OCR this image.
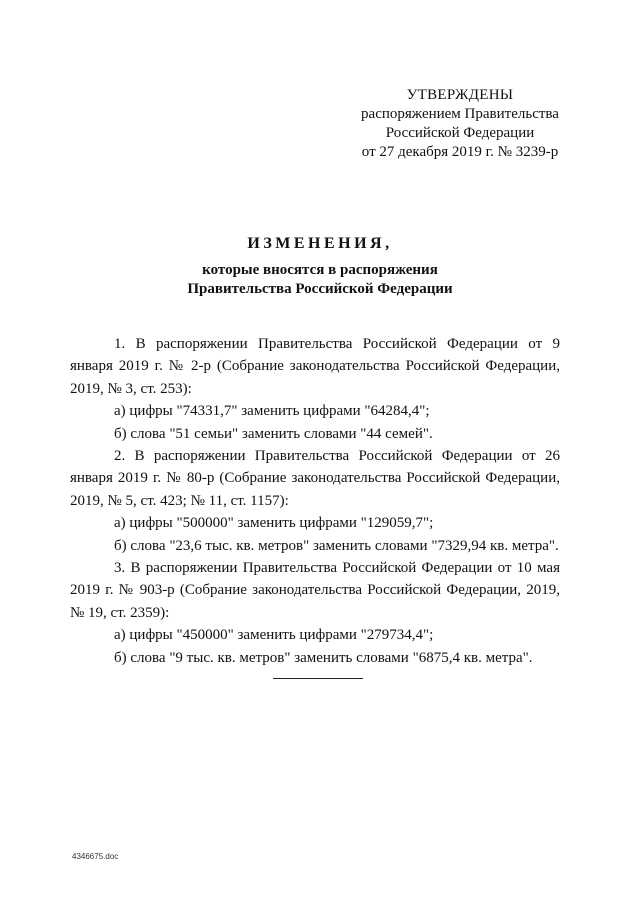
УТВЕРЖДЕНЫ
распоряжением Правительства
Российской Федерации
от 27 декабря 2019 г. № 3239-р
ИЗМЕНЕНИЯ,
которые вносятся в распоряжения
Правительства Российской Федерации

1. В распоряжении Правительства Российской Федерации от 9 января 2019 г. № 2-р (Собрание законодательства Российской Федерации, 2019, № 3, ст. 253):

а) цифры "74331,7" заменить цифрами "64284,4";

б) слова "51 семьи" заменить словами "44 семей".

2. В распоряжении Правительства Российской Федерации от 26 января 2019 г. № 80-р (Собрание законодательства Российской Федерации, 2019, № 5, ст. 423; № 11, ст. 1157):

а) цифры "500000" заменить цифрами "129059,7";

б) слова "23,6 тыс. кв. метров" заменить словами "7329,94 кв. метра".

3. В распоряжении Правительства Российской Федерации от 10 мая 2019 г. № 903-р (Собрание законодательства Российской Федерации, 2019, № 19, ст. 2359):

а) цифры "450000" заменить цифрами "279734,4";

б) слова "9 тыс. кв. метров" заменить словами "6875,4 кв. метра".

4346675.doc
